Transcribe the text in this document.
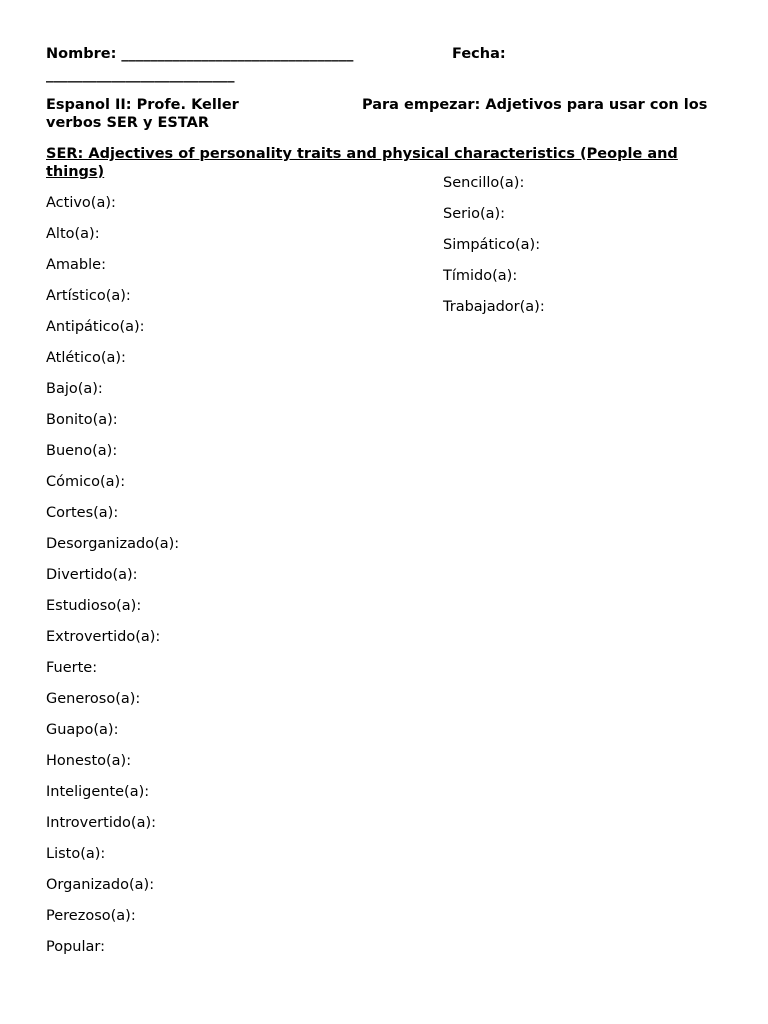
Nombre: ________________________________	Fecha:
__________________________
Espanol II: Profe. Keller
verbos SER y ESTAR
Para empezar: Adjetivos para usar con los
SER: Adjectives of personality traits and physical characteristics (People and things)
Activo(a):
Alto(a):
Amable:
Artístico(a):
Antipático(a):
Atlético(a):
Bajo(a):
Bonito(a):
Bueno(a):
Cómico(a):
Cortes(a):
Desorganizado(a):
Divertido(a):
Estudioso(a):
Extrovertido(a):
Fuerte:
Generoso(a):
Guapo(a):
Honesto(a):
Inteligente(a):
Introvertido(a):
Listo(a):
Organizado(a):
Perezoso(a):
Popular:
Sencillo(a):
Serio(a):
Simpático(a):
Tímido(a):
Trabajador(a):
